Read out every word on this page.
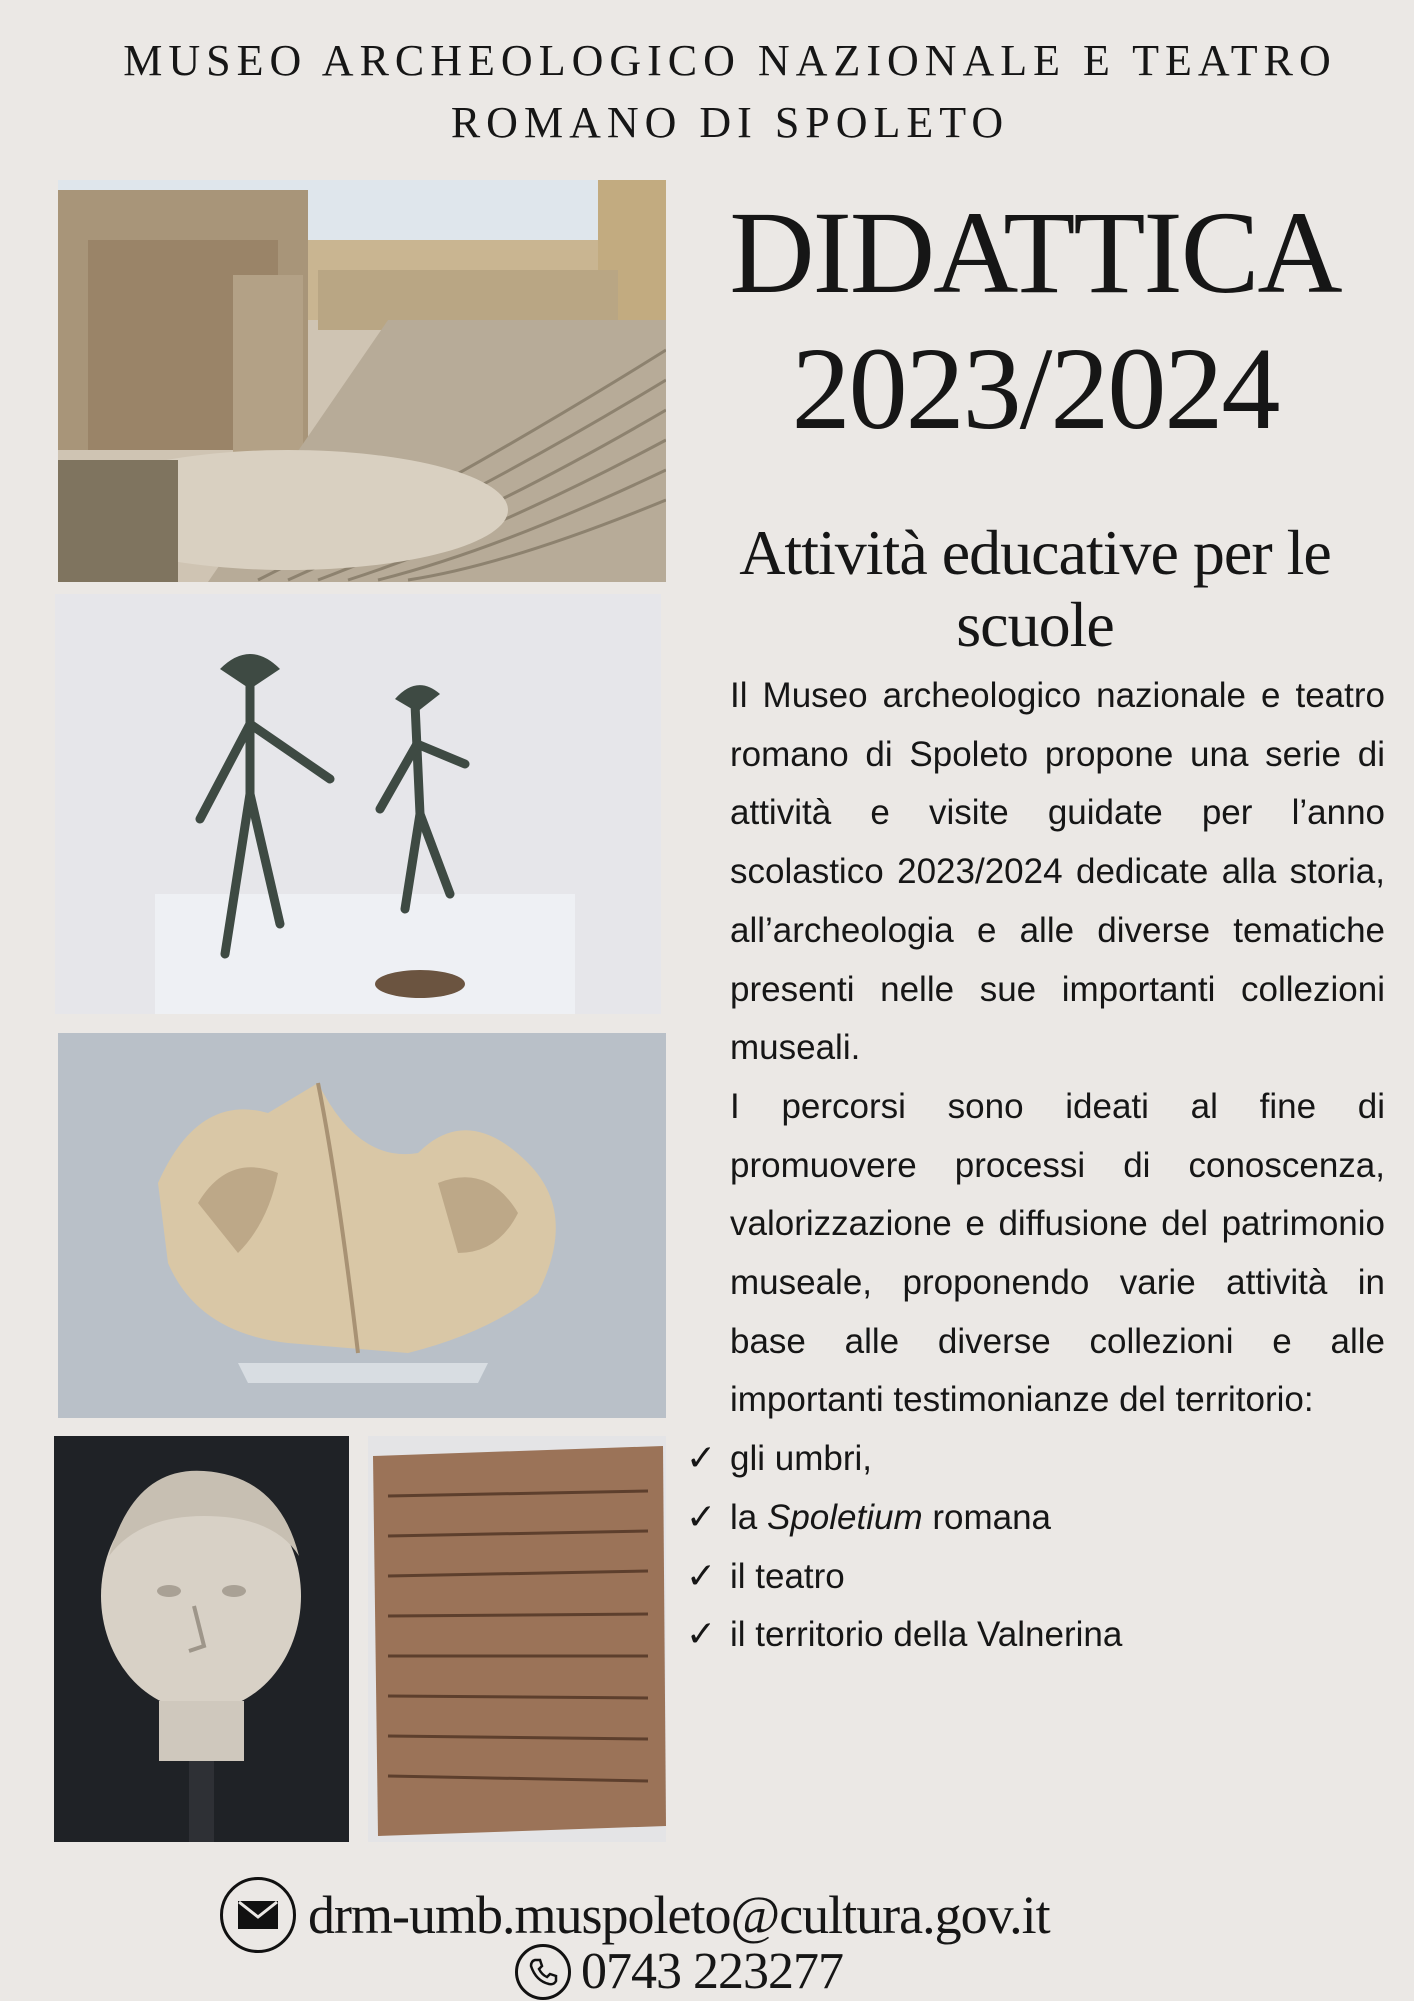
MUSEO ARCHEOLOGICO NAZIONALE E TEATRO
ROMANO DI SPOLETO
DIDATTICA
2023/2024
Attività educative per le
scuole

Il Museo archeologico nazionale e teatro romano di Spoleto propone una serie di attività e visite guidate per l’anno scolastico 2023/2024 dedicate alla storia, all’archeologia e alle diverse tematiche presenti nelle sue importanti collezioni museali.

I percorsi sono ideati al fine di promuovere processi di conoscenza, valorizzazione e diffusione del patrimonio museale, proponendo varie attività in base alle diverse collezioni e alle importanti testimonianze del territorio:

✓ gli umbri,
✓ la Spoletium romana
✓ il teatro
✓ il territorio della Valnerina
drm-umb.muspoleto@cultura.gov.it
0743 223277
